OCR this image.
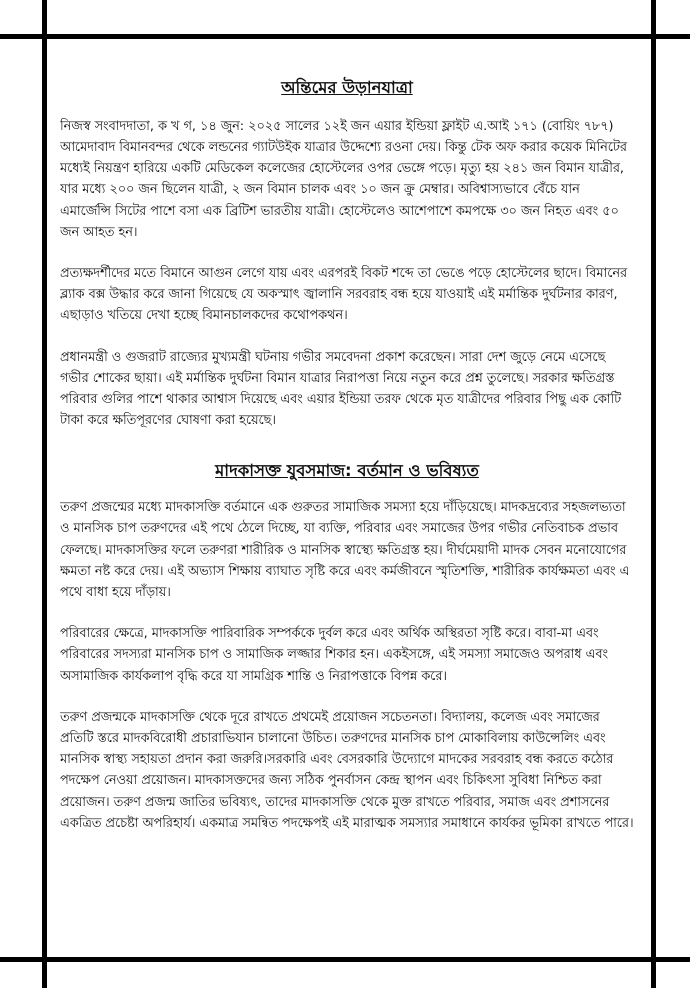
অন্তিমের উড়ানযাত্রা

নিজস্ব সংবাদদাতা, ক খ গ, ১৪ জুন: ২০২৫ সালের ১২ই জন এয়ার ইন্ডিয়া ফ্লাইট এ.আই ১৭১ (বোয়িং ৭৮৭) আমেদাবাদ বিমানবন্দর থেকে লন্ডনের গ্যাটউইক যাত্রার উদ্দেশ্যে রওনা দেয়। কিন্তু টেক অফ করার কয়েক মিনিটের মধ্যেই নিয়ন্ত্রণ হারিয়ে একটি মেডিকেল কলেজের হোস্টেলের ওপর ভেঙ্গে পড়ে। মৃত্যু হয় ২৪১ জন বিমান যাত্রীর, যার মধ্যে ২০০ জন ছিলেন যাত্রী, ২ জন বিমান চালক এবং ১০ জন ক্রু মেম্বার। অবিশ্বাস্যভাবে বেঁচে যান এমার্জেন্সি সিটের পাশে বসা এক ব্রিটিশ ভারতীয় যাত্রী। হোস্টেলেও আশেপাশে কমপক্ষে ৩০ জন নিহত এবং ৫০ জন আহত হন।

প্রত্যক্ষদর্শীদের মতে বিমানে আগুন লেগে যায় এবং এরপরই বিকট শব্দে তা ভেঙে পড়ে হোস্টেলের ছাদে। বিমানের ব্ল্যাক বক্স উদ্ধার করে জানা গিয়েছে যে অকস্মাৎ জ্বালানি সরবরাহ বন্ধ হয়ে যাওয়াই এই মর্মান্তিক দুর্ঘটনার কারণ, এছাড়াও খতিয়ে দেখা হচ্ছে বিমানচালকদের কথোপকথন।

প্রধানমন্ত্রী ও গুজরাট রাজ্যের মুখ্যমন্ত্রী ঘটনায় গভীর সমবেদনা প্রকাশ করেছেন। সারা দেশ জুড়ে নেমে এসেছে গভীর শোকের ছায়া। এই মর্মান্তিক দুর্ঘটনা বিমান যাত্রার নিরাপত্তা নিয়ে নতুন করে প্রশ্ন তুলেছে। সরকার ক্ষতিগ্রস্ত পরিবার গুলির পাশে থাকার আশ্বাস দিয়েছে এবং এয়ার ইন্ডিয়া তরফ থেকে মৃত যাত্রীদের পরিবার পিছু এক কোটি টাকা করে ক্ষতিপূরণের ঘোষণা করা হয়েছে।

মাদকাসক্ত যুবসমাজ: বর্তমান ও ভবিষ্যত

তরুণ প্রজন্মের মধ্যে মাদকাসক্তি বর্তমানে এক গুরুতর সামাজিক সমস্যা হয়ে দাঁড়িয়েছে। মাদকদ্রব্যের সহজলভ্যতা ও মানসিক চাপ তরুণদের এই পথে ঠেলে দিচ্ছে, যা ব্যক্তি, পরিবার এবং সমাজের উপর গভীর নেতিবাচক প্রভাব ফেলছে। মাদকাসক্তির ফলে তরুণরা শারীরিক ও মানসিক স্বাস্থ্যে ক্ষতিগ্রস্ত হয়। দীর্ঘমেয়াদী মাদক সেবন মনোযোগের ক্ষমতা নষ্ট করে দেয়। এই অভ্যাস শিক্ষায় ব্যাঘাত সৃষ্টি করে এবং কর্মজীবনে স্মৃতিশক্তি, শারীরিক কার্যক্ষমতা এবং এ পথে বাধা হয়ে দাঁড়ায়।

পরিবারের ক্ষেত্রে, মাদকাসক্তি পারিবারিক সম্পর্ককে দুর্বল করে এবং অর্থিক অস্থিরতা সৃষ্টি করে। বাবা-মা এবং পরিবারের সদস্যরা মানসিক চাপ ও সামাজিক লজ্জার শিকার হন। একইসঙ্গে, এই সমস্যা সমাজেও অপরাধ এবং অসামাজিক কার্যকলাপ বৃদ্ধি করে যা সামগ্রিক শান্তি ও নিরাপত্তাকে বিপন্ন করে।

তরুণ প্রজন্মকে মাদকাসক্তি থেকে দূরে রাখতে প্রথমেই প্রয়োজন সচেতনতা। বিদ্যালয়, কলেজ এবং সমাজের প্রতিটি স্তরে মাদকবিরোধী প্রচারাভিযান চালানো উচিত। তরুণদের মানসিক চাপ মোকাবিলায় কাউন্সেলিং এবং মানসিক স্বাস্থ্য সহায়তা প্রদান করা জরুরি।সরকারি এবং বেসরকারি উদ্যোগে মাদকের সরবরাহ বন্ধ করতে কঠোর পদক্ষেপ নেওয়া প্রয়োজন। মাদকাসক্তদের জন্য সঠিক পুনর্বাসন কেন্দ্র স্থাপন এবং চিকিৎসা সুবিধা নিশ্চিত করা প্রয়োজন। তরুণ প্রজন্ম জাতির ভবিষ্যৎ, তাদের মাদকাসক্তি থেকে মুক্ত রাখতে পরিবার, সমাজ এবং প্রশাসনের একত্রিত প্রচেষ্টা অপরিহার্য। একমাত্র সমন্বিত পদক্ষেপই এই মারাত্মক সমস্যার সমাধানে কার্যকর ভূমিকা রাখতে পারে।
